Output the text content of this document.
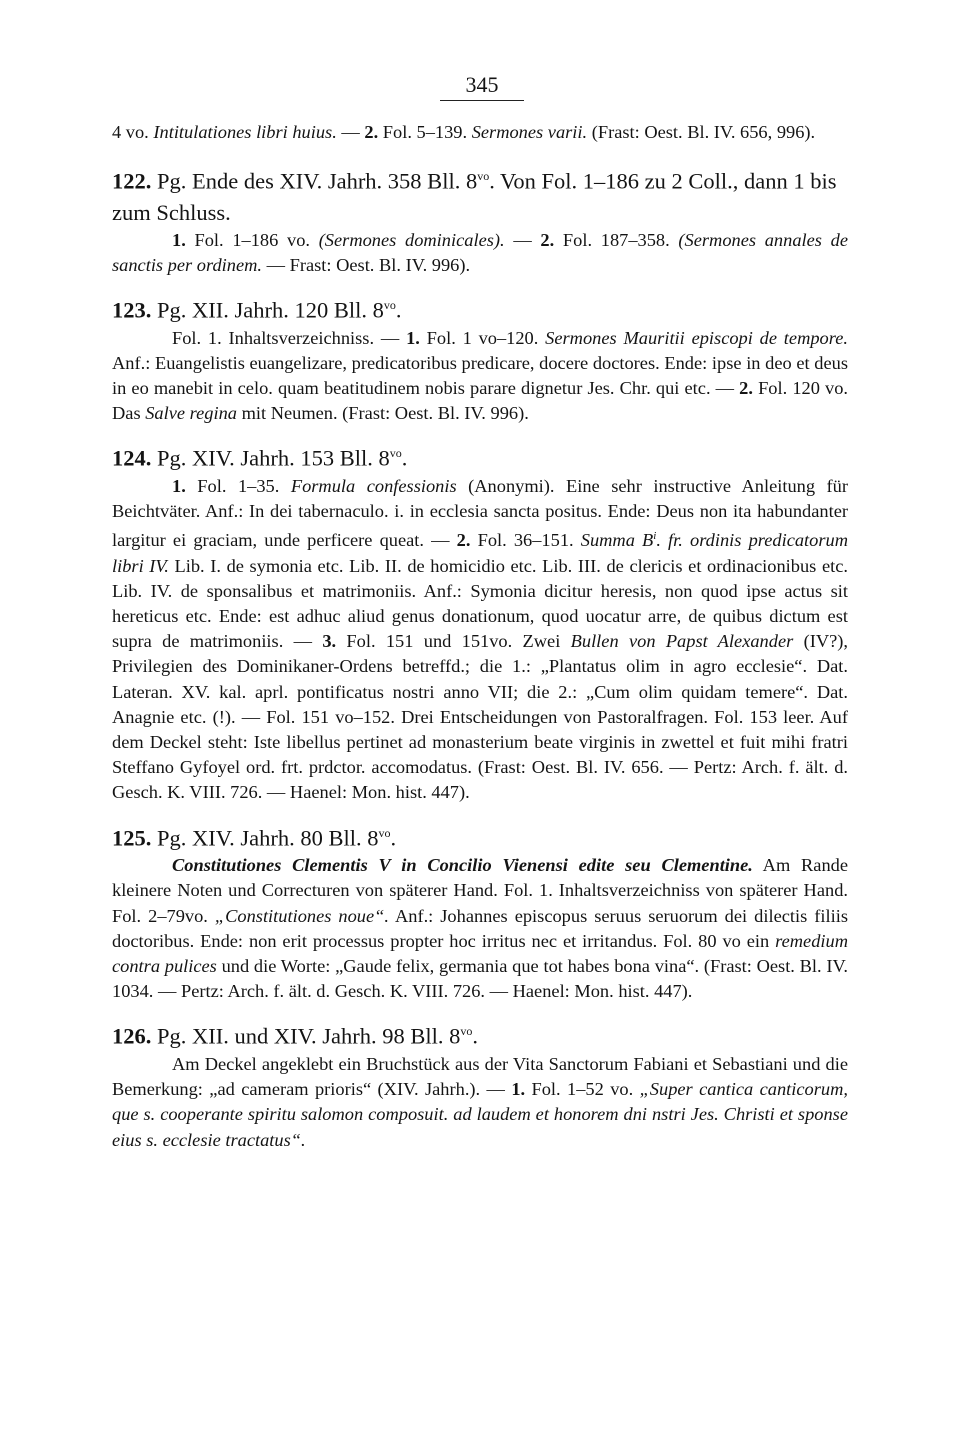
345

4 vo. Intitulationes libri huius. — 2. Fol. 5–139. Sermones varii. (Frast: Oest. Bl. IV. 656, 996).

122. Pg. Ende des XIV. Jahrh. 358 Bll. $8^{vo}$. Von Fol. 1–186 zu 2 Coll., dann 1 bis zum Schluss.

1. Fol. 1–186 vo. (Sermones dominicales). — 2. Fol. 187–358. (Sermones annales de sanctis per ordinem. — Frast: Oest. Bl. IV. 996).

123. Pg. XII. Jahrh. 120 Bll. $8^{vo}$.

Fol. 1. Inhaltsverzeichniss. — 1. Fol. 1 vo–120. Sermones Mauritii episcopi de tempore. Anf.: Euangelistis euangelizare, predicatoribus predicare, docere doctores. Ende: ipse in deo et deus in eo manebit in celo. quam beatitudinem nobis parare dignetur Jes. Chr. qui etc. — 2. Fol. 120 vo. Das Salve regina mit Neumen. (Frast: Oest. Bl. IV. 996).

124. Pg. XIV. Jahrh. 153 Bll. $8^{vo}$.

1. Fol. 1–35. Formula confessionis (Anonymi). Eine sehr instructive Anleitung für Beichtväter. Anf.: In dei tabernaculo. i. in ecclesia sancta positus. Ende: Deus non ita habundanter largitur ei graciam, unde perficere queat. — 2. Fol. 36–151. Summa $B^i$. fr. ordinis predicatorum libri IV. Lib. I. de symonia etc. Lib. II. de homicidio etc. Lib. III. de clericis et ordinacionibus etc. Lib. IV. de sponsalibus et matrimoniis. Anf.: Symonia dicitur heresis, non quod ipse actus sit hereticus etc. Ende: est adhuc aliud genus donationum, quod uocatur arre, de quibus dictum est supra de matrimoniis. — 3. Fol. 151 und 151vo. Zwei Bullen von Papst Alexander (IV?), Privilegien des Dominikaner-Ordens betreffd.; die 1.: „Plantatus olim in agro ecclesie“. Dat. Lateran. XV. kal. aprl. pontificatus nostri anno VII; die 2.: „Cum olim quidam temere“. Dat. Anagnie etc. (!). — Fol. 151 vo–152. Drei Entscheidungen von Pastoralfragen. Fol. 153 leer. Auf dem Deckel steht: Iste libellus pertinet ad monasterium beate virginis in zwettel et fuit mihi fratri Steffano Gyfoyel ord. frt. prdctor. accomodatus. (Frast: Oest. Bl. IV. 656. — Pertz: Arch. f. ält. d. Gesch. K. VIII. 726. — Haenel: Mon. hist. 447).

125. Pg. XIV. Jahrh. 80 Bll. $8^{vo}$.

Constitutiones Clementis V in Concilio Vienensi edite seu Clementine. Am Rande kleinere Noten und Correcturen von späterer Hand. Fol. 1. Inhaltsverzeichniss von späterer Hand. Fol. 2–79vo. „Constitutiones noue“. Anf.: Johannes episcopus seruus seruorum dei dilectis filiis doctoribus. Ende: non erit processus propter hoc irritus nec et irritandus. Fol. 80 vo ein remedium contra pulices und die Worte: „Gaude felix, germania que tot habes bona vina“. (Frast: Oest. Bl. IV. 1034. — Pertz: Arch. f. ält. d. Gesch. K. VIII. 726. — Haenel: Mon. hist. 447).

126. Pg. XII. und XIV. Jahrh. 98 Bll. $8^{vo}$.

Am Deckel angeklebt ein Bruchstück aus der Vita Sanctorum Fabiani et Sebastiani und die Bemerkung: „ad cameram prioris“ (XIV. Jahrh.). — 1. Fol. 1–52 vo. „Super cantica canticorum, que s. cooperante spiritu salomon composuit. ad laudem et honorem dni nstri Jes. Christi et sponse eius s. ecclesie tractatus“.
